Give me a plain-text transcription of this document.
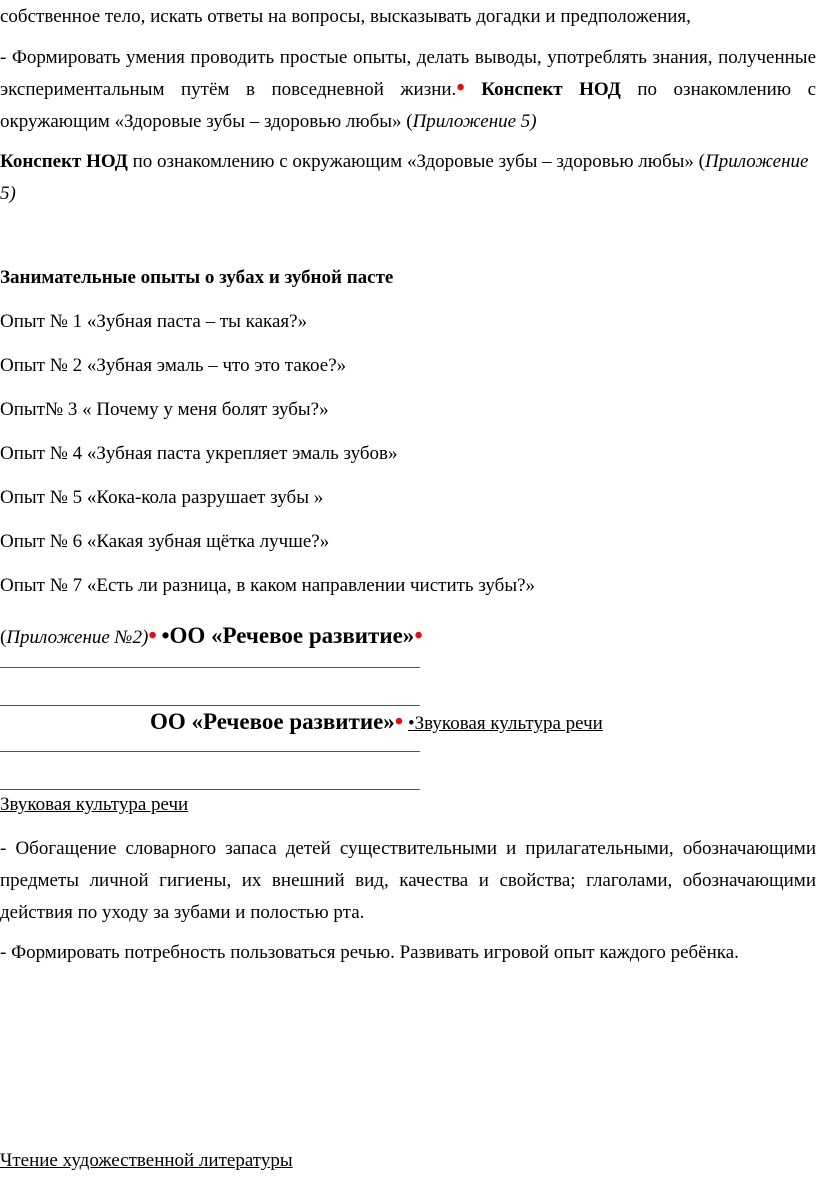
собственное тело, искать ответы на вопросы, высказывать догадки и предположения,

- Формировать умения проводить простые опыты, делать выводы, употреблять знания, полученные экспериментальным путём в повседневной жизни.• Конспект НОД по ознакомлению с окружающим «Здоровые зубы – здоровью любы» (Приложение 5)

Конспект НОД по ознакомлению с окружающим «Здоровые зубы – здоровью любы» (Приложение 5)

Занимательные опыты о зубах и зубной пасте

Опыт № 1 «Зубная паста – ты какая?»

Опыт № 2 «Зубная эмаль – что это такое?»

Опыт№ 3 « Почему у меня болят зубы?»

Опыт № 4 «Зубная паста укрепляет эмаль зубов»

Опыт № 5 «Кока-кола разрушает зубы »

Опыт № 6 «Какая зубная щётка лучше?»

Опыт № 7 «Есть ли разница, в каком направлении чистить зубы?»

(Приложение №2)• •ОО «Речевое развитие»•

ОО «Речевое развитие»• •Звуковая культура речи

Звуковая культура речи

- Обогащение словарного запаса детей существительными и прилагательными, обозначающими предметы личной гигиены, их внешний вид, качества и свойства; глаголами, обозначающими действия по уходу за зубами и полостью рта.

- Формировать потребность пользоваться речью. Развивать игровой опыт каждого ребёнка.

Чтение художественной литературы
